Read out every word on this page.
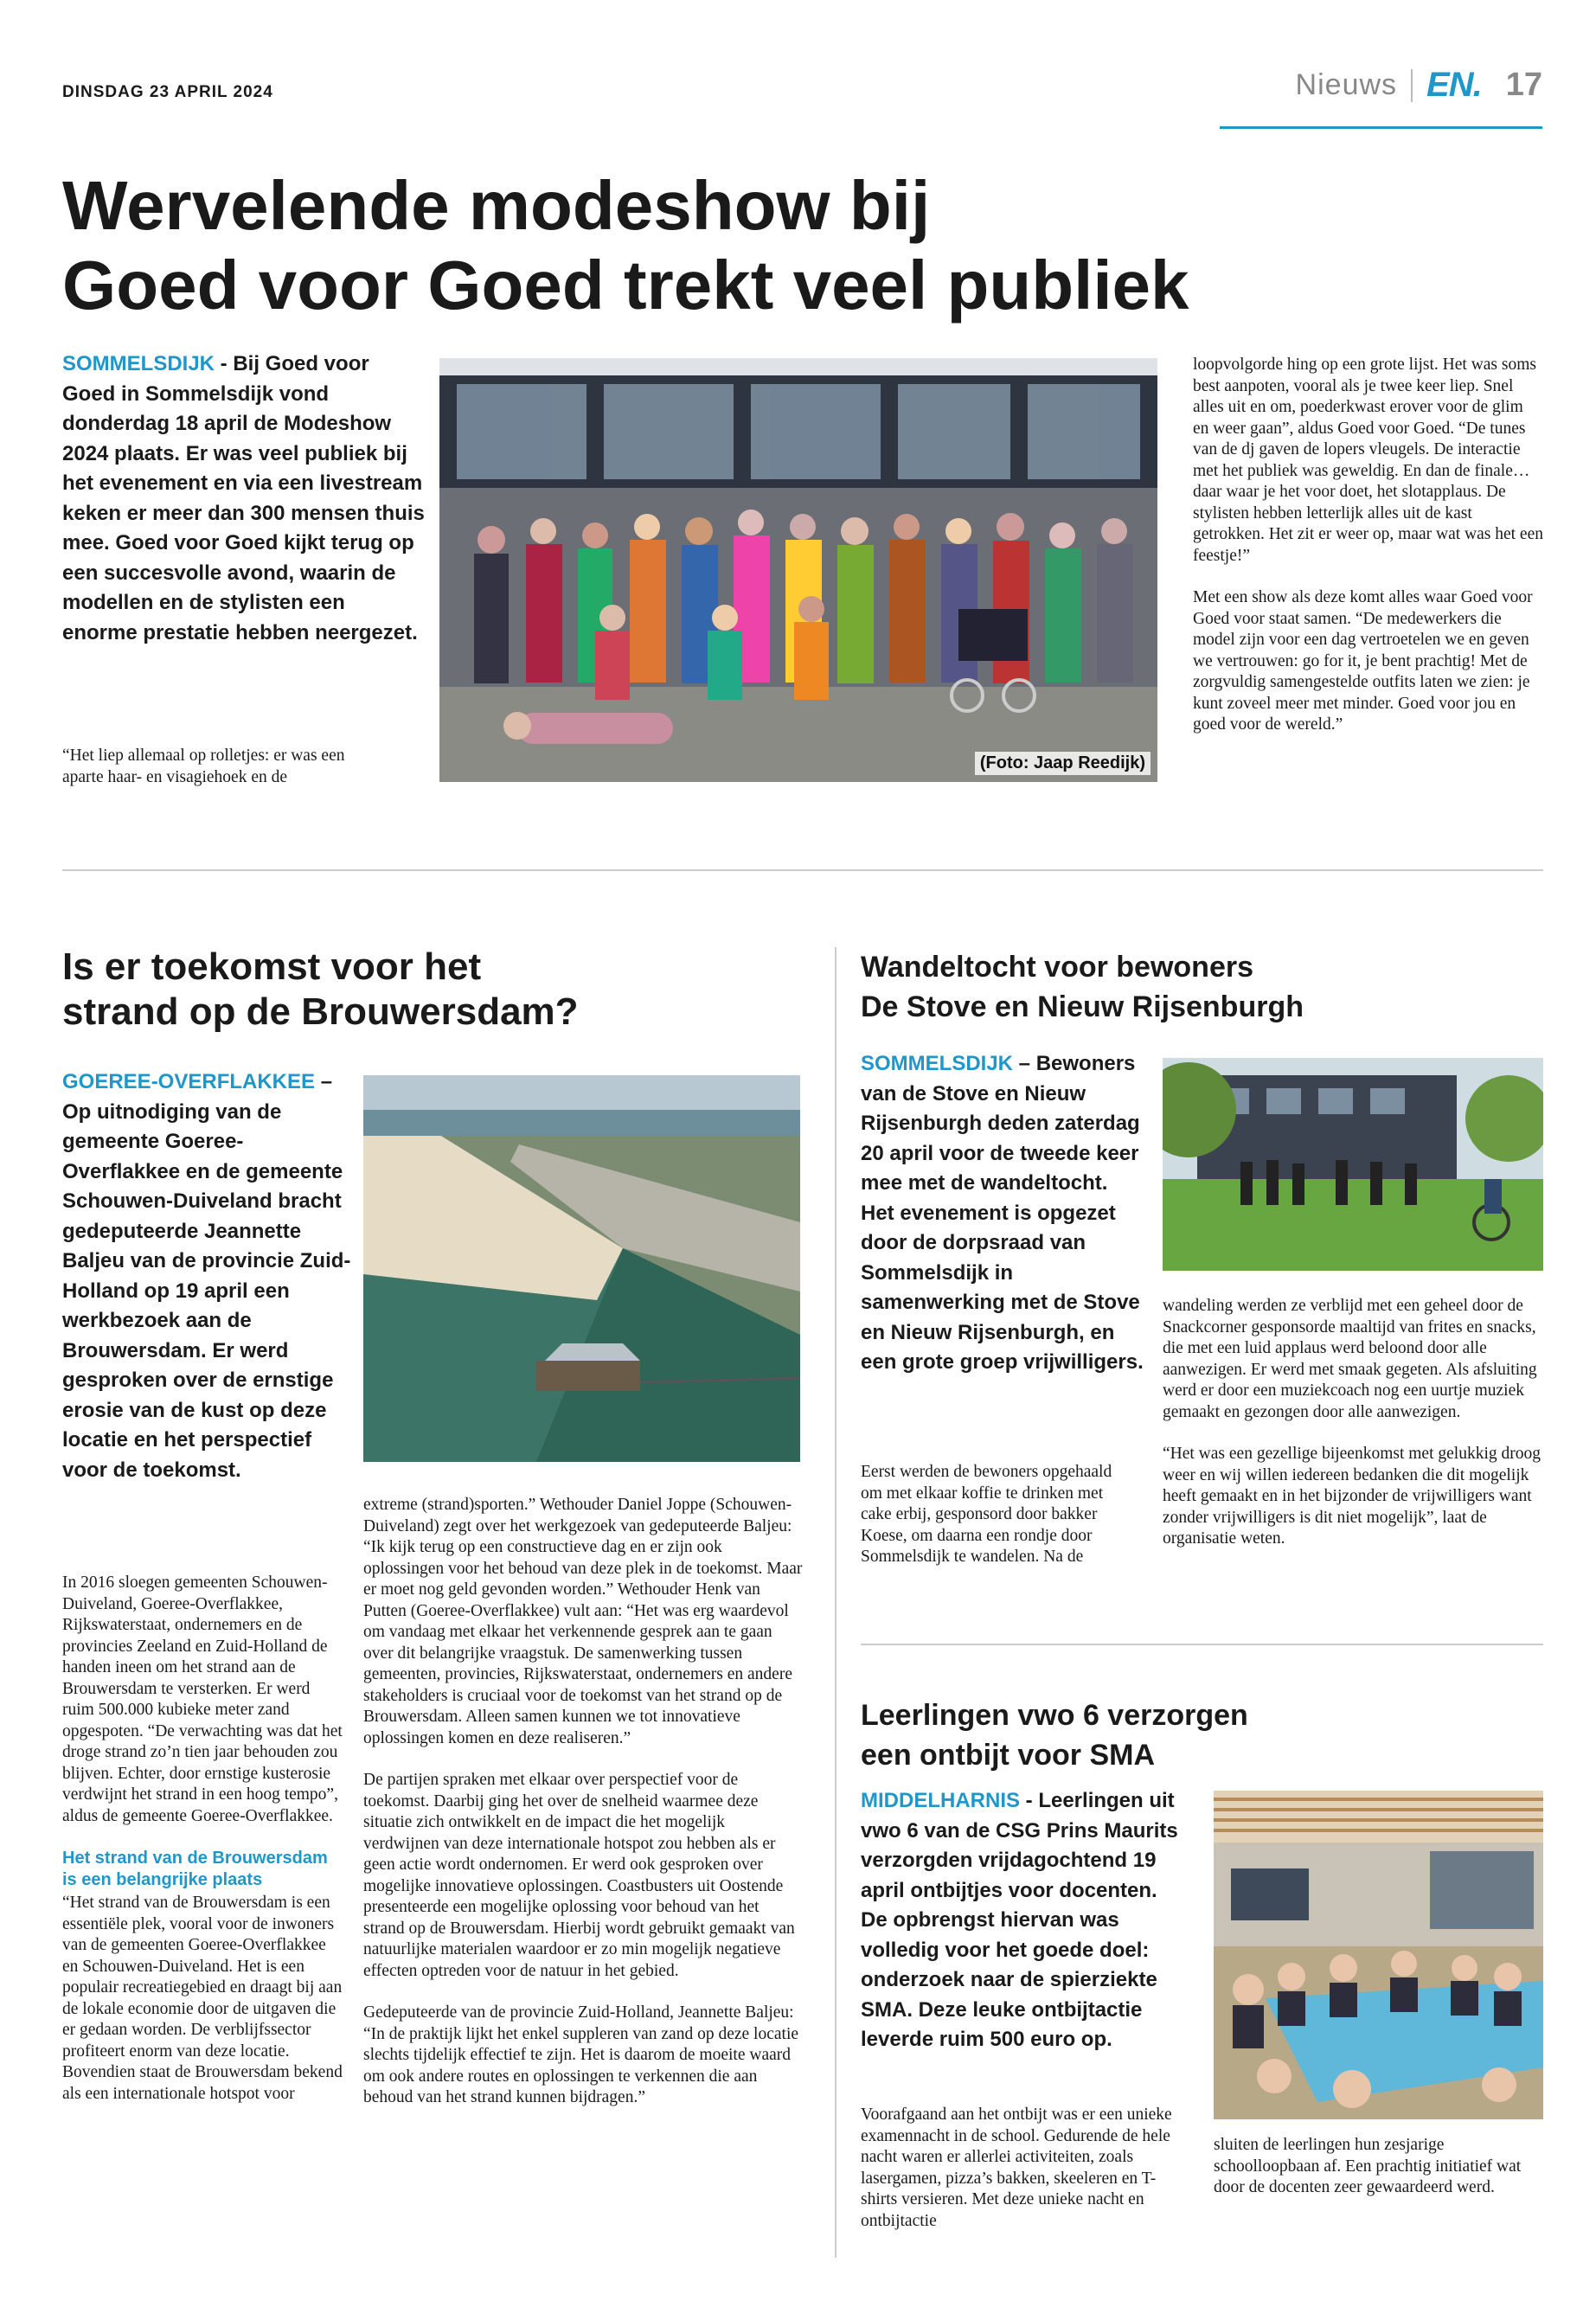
DINSDAG 23 APRIL 2024	Nieuws EN. 17
Wervelende modeshow bij
Goed voor Goed trekt veel publiek
SOMMELSDIJK - Bij Goed voor Goed in Sommelsdijk vond donderdag 18 april de Modeshow 2024 plaats. Er was veel publiek bij het evenement en via een livestream keken er meer dan 300 mensen thuis mee. Goed voor Goed kijkt terug op een succesvolle avond, waarin de modellen en de stylisten een enorme prestatie hebben neergezet.

“Het liep allemaal op rolletjes: er was een aparte haar- en visagiehoek en de

(Foto: Jaap Reedijk)

loopvolgorde hing op een grote lijst. Het was soms best aanpoten, vooral als je twee keer liep. Snel alles uit en om, poederkwast erover voor de glim en weer gaan”, aldus Goed voor Goed. “De tunes van de dj gaven de lopers vleugels. De interactie met het publiek was geweldig. En dan de finale… daar waar je het voor doet, het slotapplaus. De stylisten hebben letterlijk alles uit de kast getrokken. Het zit er weer op, maar wat was het een feestje!”

Met een show als deze komt alles waar Goed voor Goed voor staat samen. “De medewerkers die model zijn voor een dag vertroetelen we en geven we vertrouwen: go for it, je bent prachtig! Met de zorgvuldig samengestelde outfits laten we zien: je kunt zoveel meer met minder. Goed voor jou en goed voor de wereld.”

Is er toekomst voor het
strand op de Brouwersdam?
GOEREE-OVERFLAKKEE – Op uitnodiging van de gemeente Goeree-Overflakkee en de gemeente Schouwen-Duiveland bracht gedeputeerde Jeannette Baljeu van de provincie Zuid-Holland op 19 april een werkbezoek aan de Brouwersdam. Er werd gesproken over de ernstige erosie van de kust op deze locatie en het perspectief voor de toekomst.

In 2016 sloegen gemeenten Schouwen-Duiveland, Goeree-Overflakkee, Rijkswaterstaat, ondernemers en de provincies Zeeland en Zuid-Holland de handen ineen om het strand aan de Brouwersdam te versterken. Er werd ruim 500.000 kubieke meter zand opgespoten. “De verwachting was dat het droge strand zo’n tien jaar behouden zou blijven. Echter, door ernstige kusterosie verdwijnt het strand in een hoog tempo”, aldus de gemeente Goeree-Overflakkee.

Het strand van de Brouwersdam is een belangrijke plaats

“Het strand van de Brouwersdam is een essentiële plek, vooral voor de inwoners van de gemeenten Goeree-Overflakkee en Schouwen-Duiveland. Het is een populair recreatiegebied en draagt bij aan de lokale economie door de uitgaven die er gedaan worden. De verblijfssector profiteert enorm van deze locatie. Bovendien staat de Brouwersdam bekend als een internationale hotspot voor

extreme (strand)sporten.” Wethouder Daniel Joppe (Schouwen-Duiveland) zegt over het werkgezoek van gedeputeerde Baljeu: “Ik kijk terug op een constructieve dag en er zijn ook oplossingen voor het behoud van deze plek in de toekomst. Maar er moet nog geld gevonden worden.” Wethouder Henk van Putten (Goeree-Overflakkee) vult aan: “Het was erg waardevol om vandaag met elkaar het verkennende gesprek aan te gaan over dit belangrijke vraagstuk. De samenwerking tussen gemeenten, provincies, Rijkswaterstaat, ondernemers en andere stakeholders is cruciaal voor de toekomst van het strand op de Brouwersdam. Alleen samen kunnen we tot innovatieve oplossingen komen en deze realiseren.”

De partijen spraken met elkaar over perspectief voor de toekomst. Daarbij ging het over de snelheid waarmee deze situatie zich ontwikkelt en de impact die het mogelijk verdwijnen van deze internationale hotspot zou hebben als er geen actie wordt ondernomen. Er werd ook gesproken over mogelijke innovatieve oplossingen. Coastbusters uit Oostende presenteerde een mogelijke oplossing voor behoud van het strand op de Brouwersdam. Hierbij wordt gebruikt gemaakt van natuurlijke materialen waardoor er zo min mogelijk negatieve effecten optreden voor de natuur in het gebied.

Gedeputeerde van de provincie Zuid-Holland, Jeannette Baljeu: “In de praktijk lijkt het enkel suppleren van zand op deze locatie slechts tijdelijk effectief te zijn. Het is daarom de moeite waard om ook andere routes en oplossingen te verkennen die aan behoud van het strand kunnen bijdragen.”

Wandeltocht voor bewoners
De Stove en Nieuw Rijsenburgh
SOMMELSDIJK – Bewoners van de Stove en Nieuw Rijsenburgh deden zaterdag 20 april voor de tweede keer mee met de wandeltocht. Het evenement is opgezet door de dorpsraad van Sommelsdijk in samenwerking met de Stove en Nieuw Rijsenburgh, en een grote groep vrijwilligers.

Eerst werden de bewoners opgehaald om met elkaar koffie te drinken met cake erbij, gesponsord door bakker Koese, om daarna een rondje door Sommelsdijk te wandelen. Na de

wandeling werden ze verblijd met een geheel door de Snackcorner gesponsorde maaltijd van frites en snacks, die met een luid applaus werd beloond door alle aanwezigen. Er werd met smaak gegeten. Als afsluiting werd er door een muziekcoach nog een uurtje muziek gemaakt en gezongen door alle aanwezigen.

“Het was een gezellige bijeenkomst met gelukkig droog weer en wij willen iedereen bedanken die dit mogelijk heeft gemaakt en in het bijzonder de vrijwilligers want zonder vrijwilligers is dit niet mogelijk”, laat de organisatie weten.

Leerlingen vwo 6 verzorgen
een ontbijt voor SMA
MIDDELHARNIS - Leerlingen uit vwo 6 van de CSG Prins Maurits verzorgden vrijdagochtend 19 april ontbijtjes voor docenten. De opbrengst hiervan was volledig voor het goede doel: onderzoek naar de spierziekte SMA. Deze leuke ontbijtactie leverde ruim 500 euro op.

Voorafgaand aan het ontbijt was er een unieke examennacht in de school. Gedurende de hele nacht waren er allerlei activiteiten, zoals lasergamen, pizza’s bakken, skeeleren en T-shirts versieren. Met deze unieke nacht en ontbijtactie

sluiten de leerlingen hun zesjarige schoolloopbaan af. Een prachtig initiatief wat door de docenten zeer gewaardeerd werd.
